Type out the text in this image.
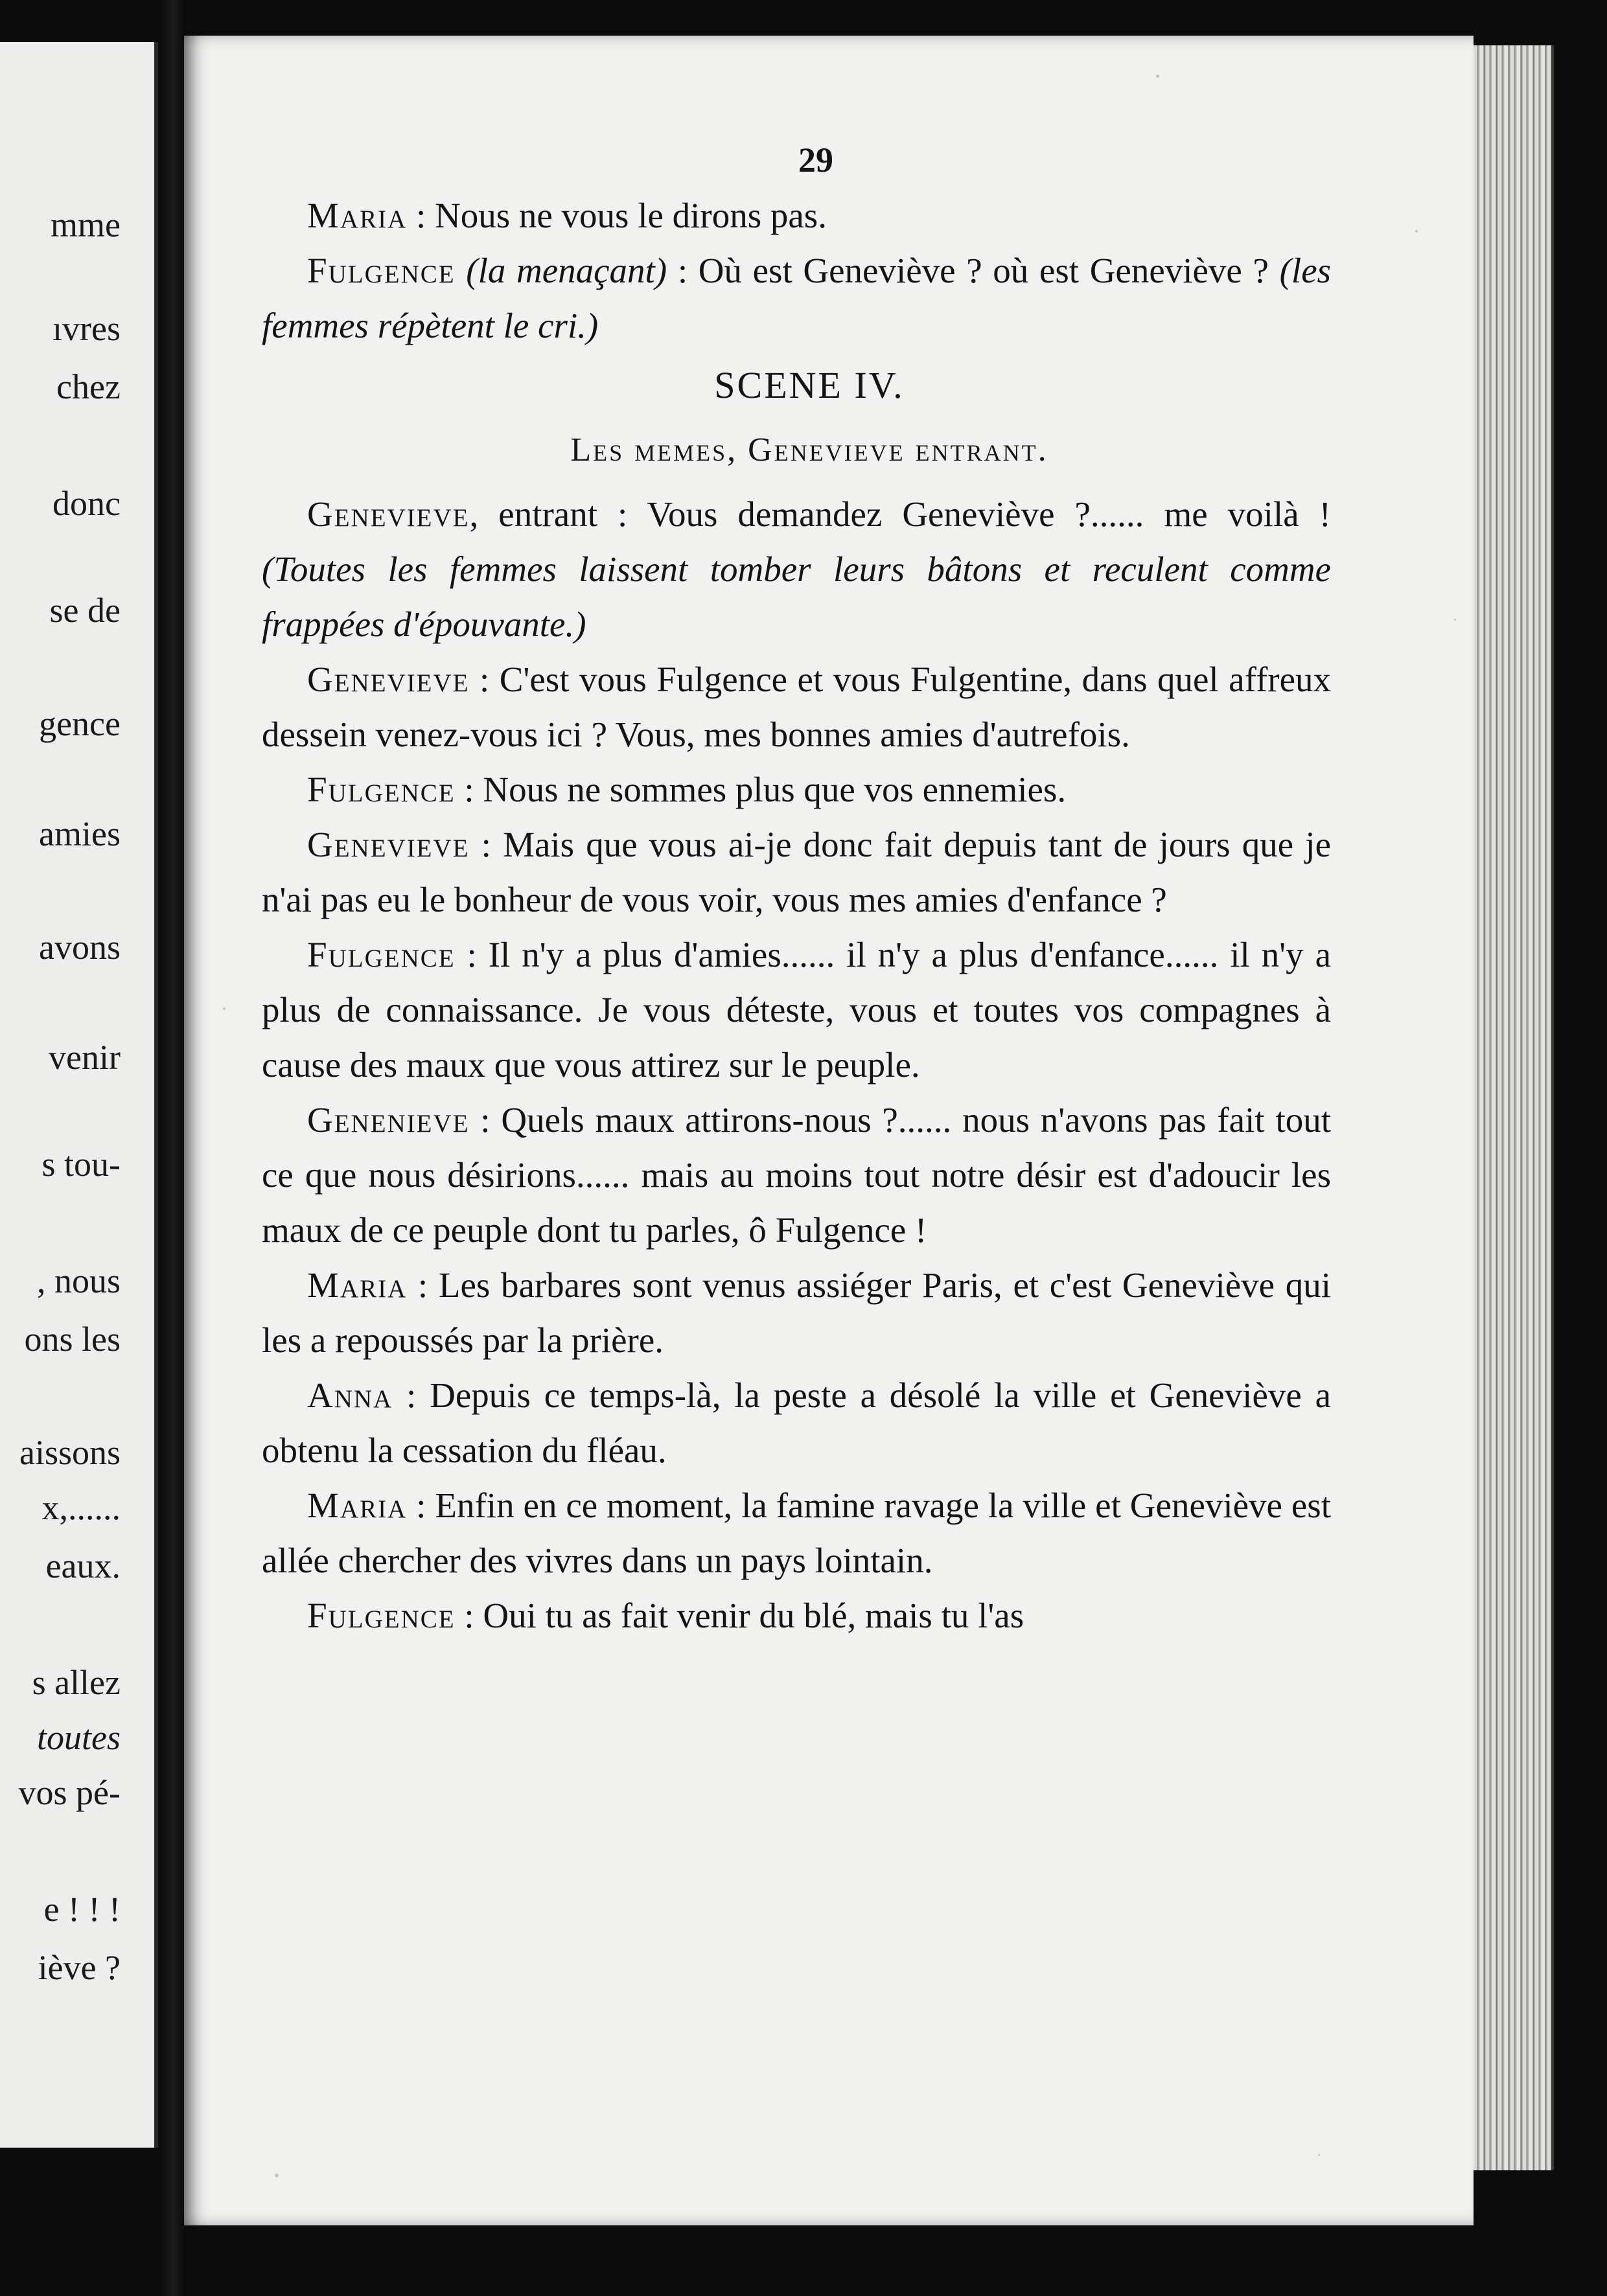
mme
ıvres
chez
donc
se de
gence
amies
avons
venir
s tou-
, nous
ons les
aissons
x,......
eaux.
s allez
toutes
vos pé-
e ! ! !
iève ?

29

Maria : Nous ne vous le dirons pas.

Fulgence (la menaçant) : Où est Geneviève ? où est Geneviève ? (les femmes répètent le cri.)

SCENE IV.

Les memes, Genevieve entrant.

Genevieve, entrant : Vous demandez Geneviève ?...... me voilà ! (Toutes les femmes laissent tomber leurs bâtons et reculent comme frappées d'épouvante.)

Genevieve : C'est vous Fulgence et vous Fulgentine, dans quel affreux dessein venez-vous ici ? Vous, mes bonnes amies d'autrefois.

Fulgence : Nous ne sommes plus que vos ennemies.

Genevieve : Mais que vous ai-je donc fait depuis tant de jours que je n'ai pas eu le bonheur de vous voir, vous mes amies d'enfance ?

Fulgence : Il n'y a plus d'amies...... il n'y a plus d'enfance...... il n'y a plus de connaissance. Je vous déteste, vous et toutes vos compagnes à cause des maux que vous attirez sur le peuple.

Genenieve : Quels maux attirons-nous ?...... nous n'avons pas fait tout ce que nous désirions...... mais au moins tout notre désir est d'adoucir les maux de ce peuple dont tu parles, ô Fulgence !

Maria : Les barbares sont venus assiéger Paris, et c'est Geneviève qui les a repoussés par la prière.

Anna : Depuis ce temps-là, la peste a désolé la ville et Geneviève a obtenu la cessation du fléau.

Maria : Enfin en ce moment, la famine ravage la ville et Geneviève est allée chercher des vivres dans un pays lointain.

Fulgence : Oui tu as fait venir du blé, mais tu l'as
